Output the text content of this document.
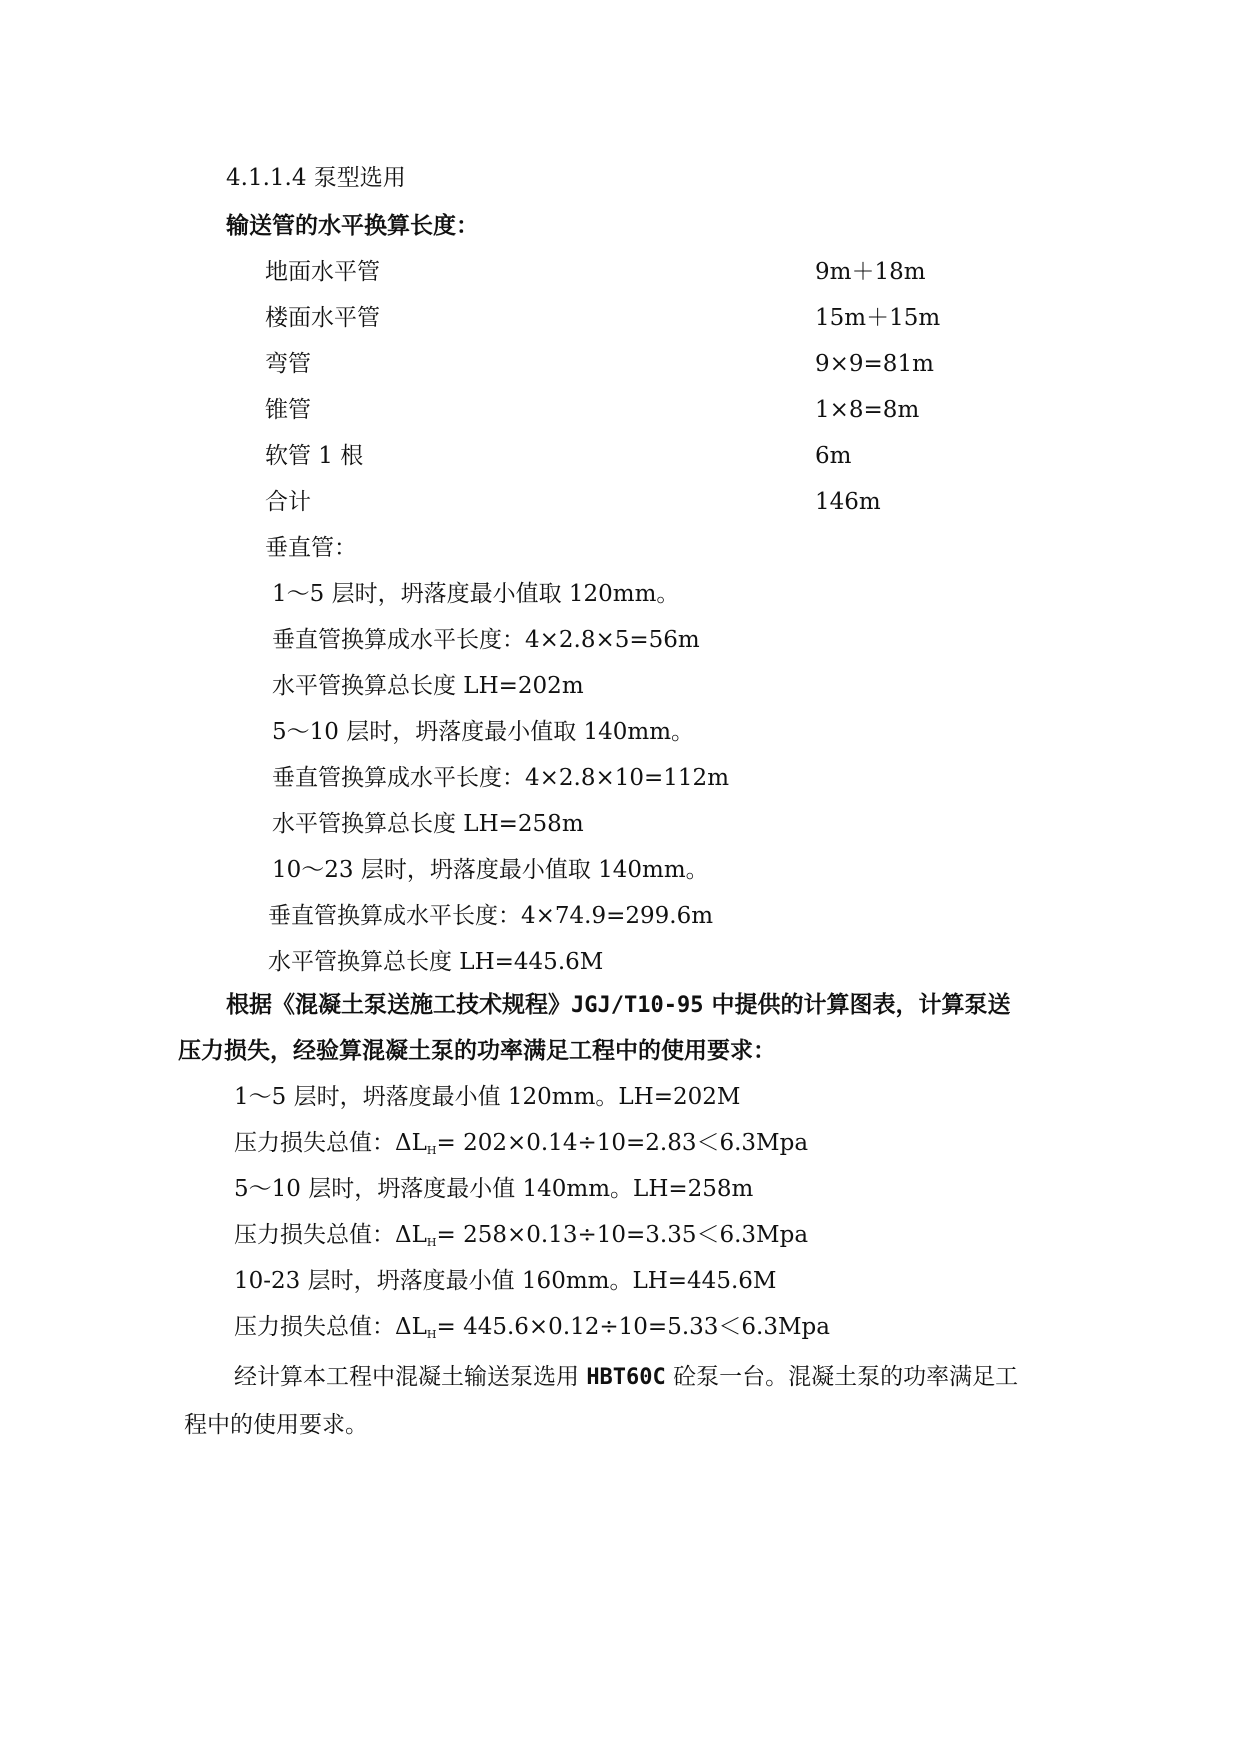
4.1.1.4 泵型选用
输送管的水平换算长度：
地面水平管	9m＋18m
楼面水平管	15m＋15m
弯管	9×9=81m
锥管	1×8=8m
软管 1 根	6m
合计	146m
垂直管：
1～5 层时，坍落度最小值取 120mm。
垂直管换算成水平长度：4×2.8×5=56m
水平管换算总长度 LH=202m
5～10 层时，坍落度最小值取 140mm。
垂直管换算成水平长度：4×2.8×10=112m
水平管换算总长度 LH=258m
10～23 层时，坍落度最小值取 140mm。
垂直管换算成水平长度：4×74.9=299.6m
水平管换算总长度 LH=445.6M
根据《混凝土泵送施工技术规程》JGJ/T10-95 中提供的计算图表，计算泵送
压力损失，经验算混凝土泵的功率满足工程中的使用要求：
1～5 层时，坍落度最小值 120mm。LH=202M
压力损失总值：$\Delta L_H= 202\times 0.14\div 10=2.83<6.3Mpa$
5～10 层时，坍落度最小值 140mm。LH=258m
压力损失总值：$\Delta L_H= 258\times 0.13\div 10=3.35<6.3Mpa$
10-23 层时，坍落度最小值 160mm。LH=445.6M
压力损失总值：$\Delta L_H= 445.6\times 0.12\div 10=5.33<6.3Mpa$
经计算本工程中混凝土输送泵选用 HBT60C 砼泵一台。混凝土泵的功率满足工
程中的使用要求。
